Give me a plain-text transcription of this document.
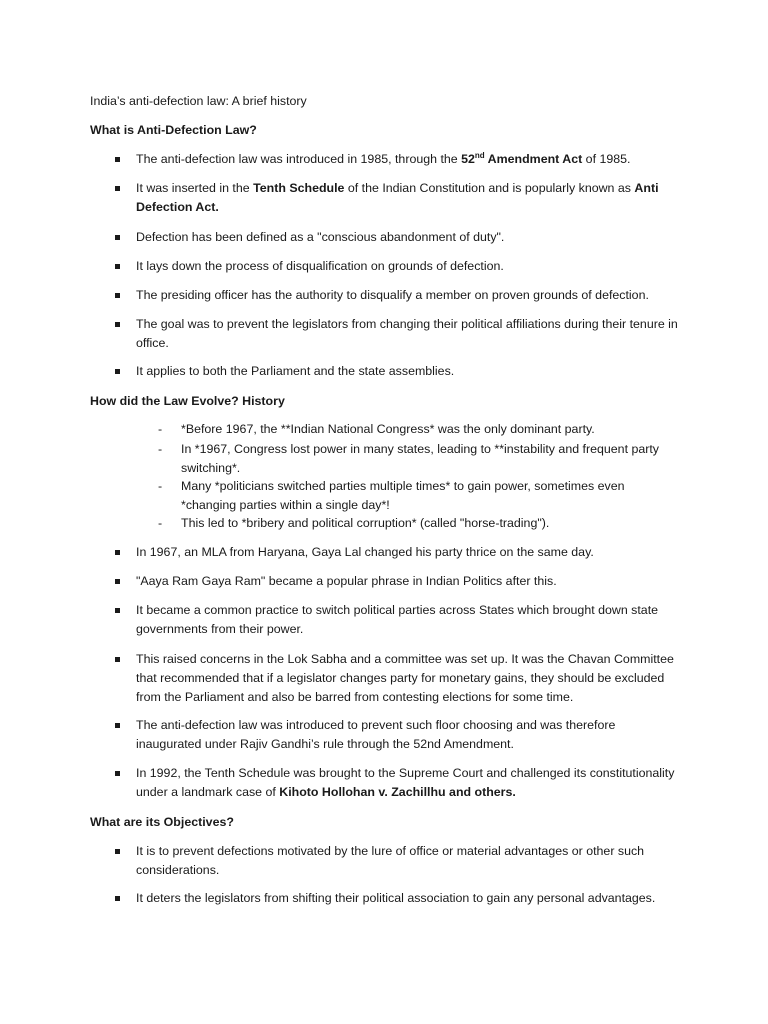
India’s anti-defection law: A brief history
What is Anti-Defection Law?

The anti-defection law was introduced in 1985, through the 52nd Amendment Act of 1985.

It was inserted in the Tenth Schedule of the Indian Constitution and is popularly known as Anti Defection Act.

Defection has been defined as a "conscious abandonment of duty".

It lays down the process of disqualification on grounds of defection.

The presiding officer has the authority to disqualify a member on proven grounds of defection.

The goal was to prevent the legislators from changing their political affiliations during their tenure in office.

It applies to both the Parliament and the state assemblies.

How did the Law Evolve? History

- *Before 1967, the **Indian National Congress* was the only dominant party.

- In *1967, Congress lost power in many states, leading to **instability and frequent party switching*.

- Many *politicians switched parties multiple times* to gain power, sometimes even *changing parties within a single day*!

- This led to *bribery and political corruption* (called "horse-trading").

In 1967, an MLA from Haryana, Gaya Lal changed his party thrice on the same day.

"Aaya Ram Gaya Ram" became a popular phrase in Indian Politics after this.

It became a common practice to switch political parties across States which brought down state governments from their power.

This raised concerns in the Lok Sabha and a committee was set up. It was the Chavan Committee that recommended that if a legislator changes party for monetary gains, they should be excluded from the Parliament and also be barred from contesting elections for some time.

The anti-defection law was introduced to prevent such floor choosing and was therefore inaugurated under Rajiv Gandhi’s rule through the 52nd Amendment.

In 1992, the Tenth Schedule was brought to the Supreme Court and challenged its constitutionality under a landmark case of Kihoto Hollohan v. Zachillhu and others.

What are its Objectives?

It is to prevent defections motivated by the lure of office or material advantages or other such considerations.

It deters the legislators from shifting their political association to gain any personal advantages.
